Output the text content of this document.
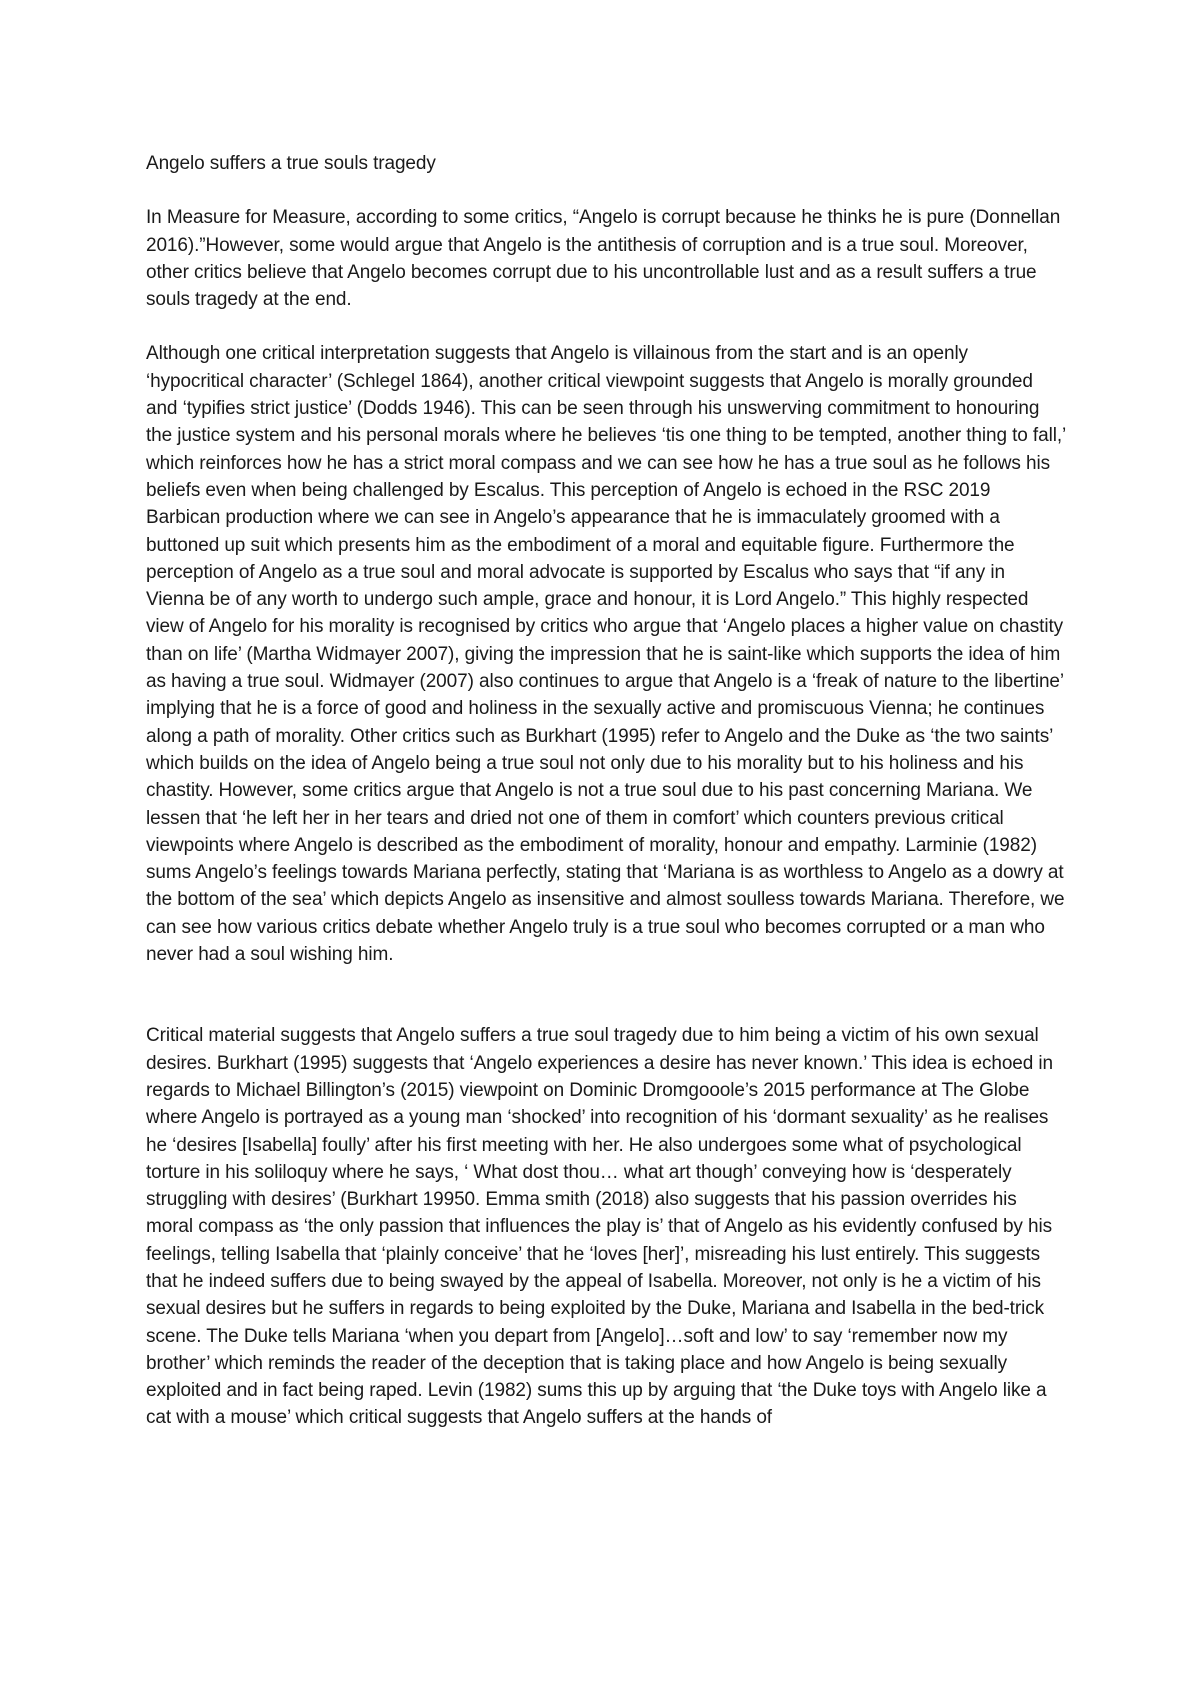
Angelo suffers a true souls tragedy

In Measure for Measure, according to some critics, “Angelo is corrupt because he thinks he is pure (Donnellan 2016).”However, some would argue that Angelo is the antithesis of corruption and is a true soul. Moreover, other critics believe that Angelo becomes corrupt due to his uncontrollable lust and as a result suffers a true souls tragedy at the end.

Although one critical interpretation suggests that Angelo is villainous from the start and is an openly ‘hypocritical character’ (Schlegel 1864), another critical viewpoint suggests that Angelo is morally grounded and ‘typifies strict justice’ (Dodds 1946). This can be seen through his unswerving commitment to honouring the justice system and his personal morals where he believes ‘tis one thing to be tempted, another thing to fall,’ which reinforces how he has a strict moral compass and we can see how he has a true soul as he follows his beliefs even when being challenged by Escalus. This perception of Angelo is echoed in the RSC 2019 Barbican production where we can see in Angelo’s appearance that he is immaculately groomed with a buttoned up suit which presents him as the embodiment of a moral and equitable figure. Furthermore the perception of Angelo as a true soul and moral advocate is supported by Escalus who says that “if any in Vienna be of any worth to undergo such ample, grace and honour, it is Lord Angelo.” This highly respected view of Angelo for his morality is recognised by critics who argue that ‘Angelo places a higher value on chastity than on life’ (Martha Widmayer 2007), giving the impression that he is saint-like which supports the idea of him as having a true soul. Widmayer (2007) also continues to argue that Angelo is a ‘freak of nature to the libertine’ implying that he is a force of good and holiness in the sexually active and promiscuous Vienna; he continues along a path of morality. Other critics such as Burkhart (1995) refer to Angelo and the Duke as ‘the two saints’ which builds on the idea of Angelo being a true soul not only due to his morality but to his holiness and his chastity. However, some critics argue that Angelo is not a true soul due to his past concerning Mariana. We lessen that ‘he left her in her tears and dried not one of them in comfort’ which counters previous critical viewpoints where Angelo is described as the embodiment of morality, honour and empathy. Larminie (1982) sums Angelo’s feelings towards Mariana perfectly, stating that ‘Mariana is as worthless to Angelo as a dowry at the bottom of the sea’ which depicts Angelo as insensitive and almost soulless towards Mariana. Therefore, we can see how various critics debate whether Angelo truly is a true soul who becomes corrupted or a man who never had a soul wishing him.

Critical material suggests that Angelo suffers a true soul tragedy due to him being a victim of his own sexual desires. Burkhart (1995) suggests that ‘Angelo experiences a desire has never known.’ This idea is echoed in regards to Michael Billington’s (2015) viewpoint on Dominic Dromgooole’s 2015 performance at The Globe where Angelo is portrayed as a young man ‘shocked’ into recognition of his ‘dormant sexuality’ as he realises he ‘desires [Isabella] foully’ after his first meeting with her. He also undergoes some what of psychological torture in his soliloquy where he says, ‘ What dost thou… what art though’ conveying how is ‘desperately struggling with desires’ (Burkhart 19950. Emma smith (2018) also suggests that his passion overrides his moral compass as ‘the only passion that influences the play is’ that of Angelo as his evidently confused by his feelings, telling Isabella that ‘plainly conceive’ that he ‘loves [her]’, misreading his lust entirely. This suggests that he indeed suffers due to being swayed by the appeal of Isabella. Moreover, not only is he a victim of his sexual desires but he suffers in regards to being exploited by the Duke, Mariana and Isabella in the bed-trick scene. The Duke tells Mariana ‘when you depart from [Angelo]…soft and low’ to say ‘remember now my brother’ which reminds the reader of the deception that is taking place and how Angelo is being sexually exploited and in fact being raped. Levin (1982) sums this up by arguing that ‘the Duke toys with Angelo like a cat with a mouse’ which critical suggests that Angelo suffers at the hands of
